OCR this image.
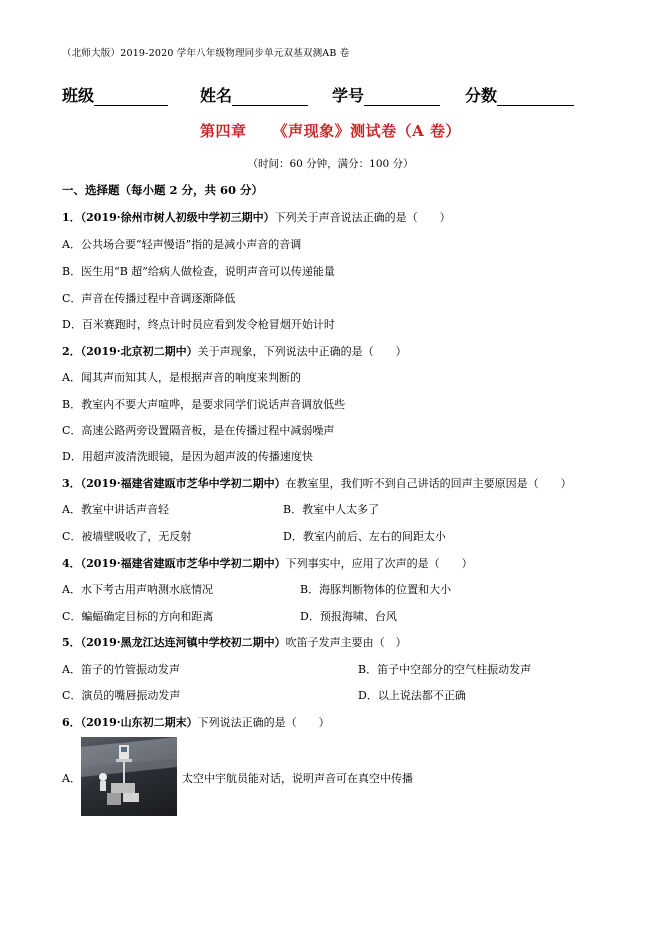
（北师大版）2019-2020 学年八年级物理同步单元双基双测AB 卷
班级	姓名	学号	分数
第四章 《声现象》测试卷（A 卷）
（时间：60 分钟，满分：100 分）
一、选择题（每小题 2 分，共 60 分）
1．（2019·徐州市树人初级中学初三期中）下列关于声音说法正确的是（　　）
A．公共场合要“轻声慢语”指的是减小声音的音调
B．医生用“B 超”给病人做检查，说明声音可以传递能量
C．声音在传播过程中音调逐渐降低
D．百米赛跑时，终点计时员应看到发令枪冒烟开始计时
2．（2019·北京初二期中）关于声现象，下列说法中正确的是（　　）
A．闻其声而知其人，是根据声音的响度来判断的
B．教室内不要大声喧哗，是要求同学们说话声音调放低些
C．高速公路两旁设置隔音板，是在传播过程中减弱噪声
D．用超声波清洗眼镜，是因为超声波的传播速度快
3．（2019·福建省建瓯市芝华中学初二期中）在教室里，我们听不到自己讲话的回声主要原因是（　　）
A．教室中讲话声音轻	B．教室中人太多了
C．被墙壁吸收了，无反射	D．教室内前后、左右的间距太小
4．（2019·福建省建瓯市芝华中学初二期中）下列事实中，应用了次声的是（　　）
A．水下考古用声呐测水底情况	B．海豚判断物体的位置和大小
C．蝙蝠确定目标的方向和距离	D．预报海啸、台风
5．（2019·黑龙江达连河镇中学校初二期中）吹笛子发声主要由（　）
A．笛子的竹管振动发声	B．笛子中空部分的空气柱振动发声
C．演员的嘴唇振动发声	D．以上说法都不正确
6．（2019·山东初二期末）下列说法正确的是（　　）
A．	太空中宇航员能对话，说明声音可在真空中传播
